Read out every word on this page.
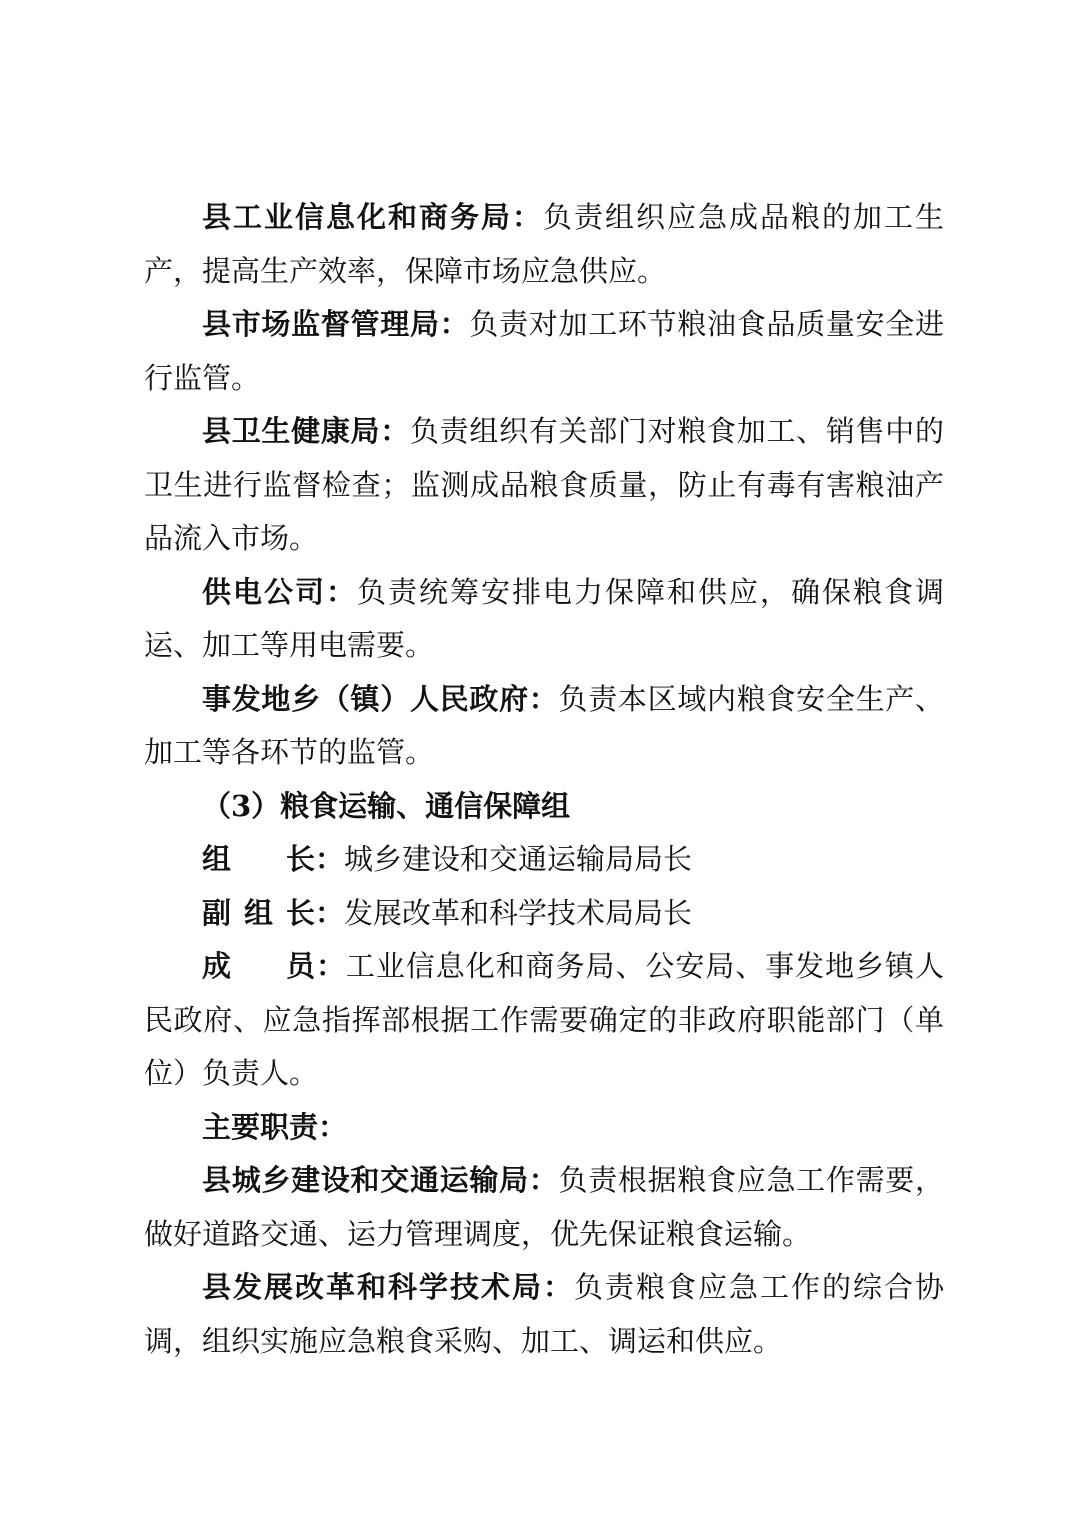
县工业信息化和商务局：负责组织应急成品粮的加工生产，提高生产效率，保障市场应急供应。

县市场监督管理局：负责对加工环节粮油食品质量安全进行监管。

县卫生健康局：负责组织有关部门对粮食加工、销售中的卫生进行监督检查；监测成品粮食质量，防止有毒有害粮油产品流入市场。

供电公司：负责统筹安排电力保障和供应，确保粮食调运、加工等用电需要。

事发地乡（镇）人民政府：负责本区域内粮食安全生产、加工等各环节的监管。

（3）粮食运输、通信保障组

组长：城乡建设和交通运输局局长

副组长：发展改革和科学技术局局长

成员：工业信息化和商务局、公安局、事发地乡镇人民政府、应急指挥部根据工作需要确定的非政府职能部门（单位）负责人。

主要职责：

县城乡建设和交通运输局：负责根据粮食应急工作需要，做好道路交通、运力管理调度，优先保证粮食运输。

县发展改革和科学技术局：负责粮食应急工作的综合协调，组织实施应急粮食采购、加工、调运和供应。
